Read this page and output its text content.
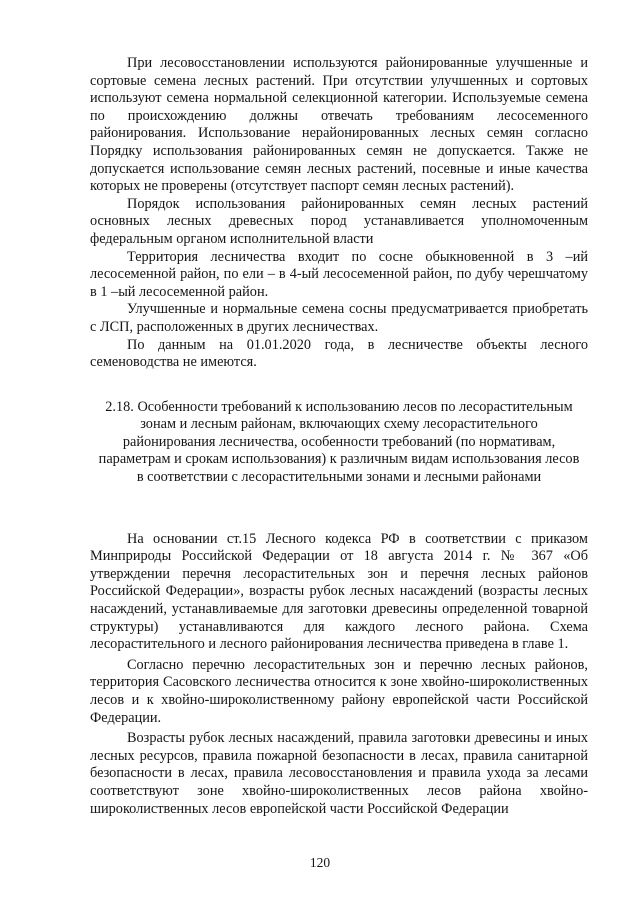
При лесовосстановлении используются районированные улучшенные и сортовые семена лесных растений. При отсутствии улучшенных и сортовых используют семена нормальной селекционной категории. Используемые семена по происхождению должны отвечать требованиям лесосеменного районирования. Использование нерайонированных лесных семян согласно Порядку использования районированных семян не допускается. Также не допускается использование семян лесных растений, посевные и иные качества которых не проверены (отсутствует паспорт семян лесных растений).

Порядок использования районированных семян лесных растений основных лесных древесных пород устанавливается уполномоченным федеральным органом исполнительной власти

Территория лесничества входит по сосне обыкновенной в 3 –ий лесосеменной район, по ели – в 4-ый лесосеменной район, по дубу черешчатому в 1 –ый лесосеменной район.

Улучшенные и нормальные семена сосны предусматривается приобретать с ЛСП, расположенных в других лесничествах.

По данным на 01.01.2020 года, в лесничестве объекты лесного семеноводства не имеются.

2.18. Особенности требований к использованию лесов по лесорастительным зонам и лесным районам, включающих схему лесорастительного районирования лесничества, особенности требований (по нормативам, параметрам и срокам использования) к различным видам использования лесов в соответствии с лесорастительными зонами и лесными районами

На основании ст.15 Лесного кодекса РФ в соответствии с приказом Минприроды Российской Федерации от 18 августа 2014 г. № 367 «Об утверждении перечня лесорастительных зон и перечня лесных районов Российской Федерации», возрасты рубок лесных насаждений (возрасты лесных насаждений, устанавливаемые для заготовки древесины определенной товарной структуры) устанавливаются для каждого лесного района. Схема лесорастительного и лесного районирования лесничества приведена в главе 1.

Согласно перечню лесорастительных зон и перечню лесных районов, территория Сасовского лесничества относится к зоне хвойно-широколиственных лесов и к хвойно-широколиственному району европейской части Российской Федерации.

Возрасты рубок лесных насаждений, правила заготовки древесины и иных лесных ресурсов, правила пожарной безопасности в лесах, правила санитарной безопасности в лесах, правила лесовосстановления и правила ухода за лесами соответствуют зоне хвойно-широколиственных лесов района хвойно-широколиственных лесов европейской части Российской Федерации

120
